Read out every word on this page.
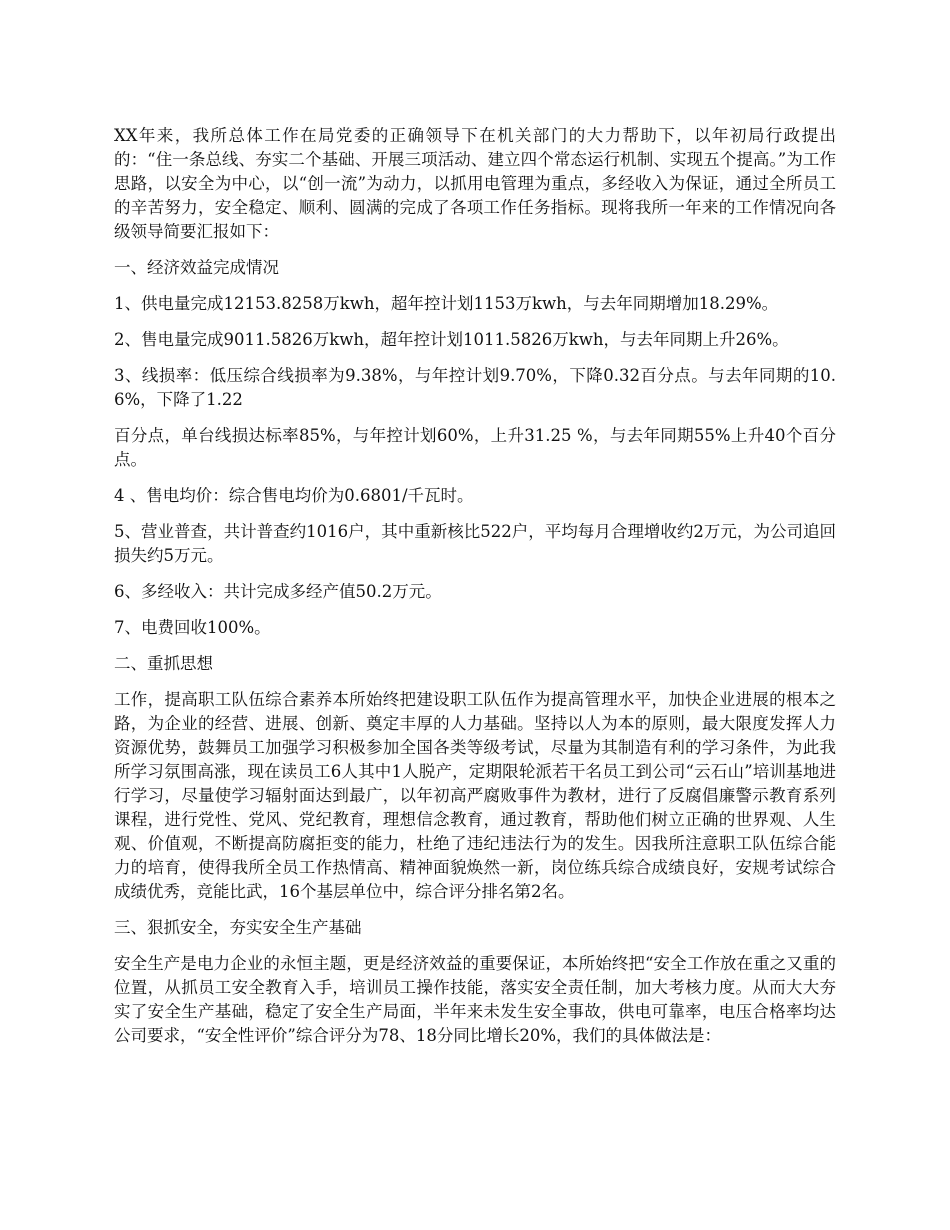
XX年来，我所总体工作在局党委的正确领导下在机关部门的大力帮助下，以年初局行政提出的：“住一条总线、夯实二个基础、开展三项活动、建立四个常态运行机制、实现五个提高。”为工作思路，以安全为中心，以“创一流”为动力，以抓用电管理为重点，多经收入为保证，通过全所员工的辛苦努力，安全稳定、顺利、圆满的完成了各项工作任务指标。现将我所一年来的工作情况向各级领导简要汇报如下：

一、经济效益完成情况

1、供电量完成12153.8258万kwh，超年控计划1153万kwh，与去年同期增加18.29%。

2、售电量完成9011.5826万kwh，超年控计划1011.5826万kwh，与去年同期上升26%。

3、线损率：低压综合线损率为9.38%，与年控计划9.70%，下降0.32百分点。与去年同期的10.6%，下降了1.22

百分点，单台线损达标率85%，与年控计划60%，上升31.25 %，与去年同期55%上升40个百分点。

4 、售电均价：综合售电均价为0.6801/千瓦时。

5、营业普查，共计普查约1016户，其中重新核比522户，平均每月合理增收约2万元，为公司追回损失约5万元。

6、多经收入：共计完成多经产值50.2万元。

7、电费回收100%。

二、重抓思想

工作，提高职工队伍综合素养本所始终把建设职工队伍作为提高管理水平，加快企业进展的根本之路，为企业的经营、进展、创新、奠定丰厚的人力基础。坚持以人为本的原则，最大限度发挥人力资源优势，鼓舞员工加强学习积极参加全国各类等级考试，尽量为其制造有利的学习条件，为此我所学习氛围高涨，现在读员工6人其中1人脱产，定期限轮派若干名员工到公司“云石山”培训基地进行学习，尽量使学习辐射面达到最广，以年初高严腐败事件为教材，进行了反腐倡廉警示教育系列课程，进行党性、党风、党纪教育，理想信念教育，通过教育，帮助他们树立正确的世界观、人生观、价值观，不断提高防腐拒变的能力，杜绝了违纪违法行为的发生。因我所注意职工队伍综合能力的培育，使得我所全员工作热情高、精神面貌焕然一新，岗位练兵综合成绩良好，安规考试综合成绩优秀，竞能比武，16个基层单位中，综合评分排名第2名。

三、狠抓安全，夯实安全生产基础

安全生产是电力企业的永恒主题，更是经济效益的重要保证，本所始终把“安全工作放在重之又重的位置，从抓员工安全教育入手，培训员工操作技能，落实安全责任制，加大考核力度。从而大大夯实了安全生产基础，稳定了安全生产局面，半年来未发生安全事故，供电可靠率，电压合格率均达公司要求，“安全性评价”综合评分为78、18分同比增长20%，我们的具体做法是：
